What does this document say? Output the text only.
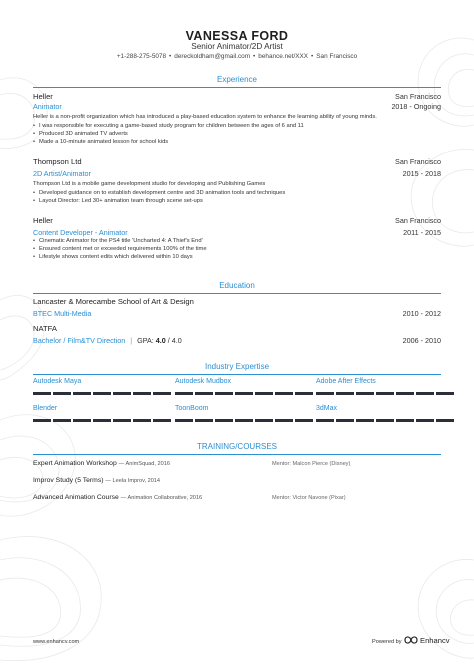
VANESSA FORD
Senior Animator/2D Artist
+1-288-275-5078 • dereckoldham@gmail.com • behance.net/XXX • San Francisco
Experience
Heller	San Francisco
Animator	2018 - Ongoing
Heller is a non-profit organization which has introduced a play-based education system to enhance the learning ability of young minds.
• I was responsible for executing a game-based study program for children between the ages of 6 and 11
• Produced 3D animated TV adverts
• Made a 10-minute animated lesson for school kids
Thompson Ltd	San Francisco
2D Artist/Animator	2015 - 2018
Thompson Ltd is a mobile game development studio for developing and Publishing Games
• Developed guidance on to establish development centre and 3D animation tools and techniques
• Layout Director: Led 30+ animation team through scene set-ups
Heller	San Francisco
Content Developer - Animator	2011 - 2015
• Cinematic Animator for the PS4 title 'Uncharted 4: A Thief's End'
• Ensured content met or exceeded requirements 100% of the time
• Lifestyle shows content edits which delivered within 10 days
Education
Lancaster & Morecambe School of Art & Design
BTEC Multi-Media	2010 - 2012
NATFA
Bachelor / Film&TV Direction | GPA: 4.0 / 4.0	2006 - 2010
Industry Expertise
Autodesk Maya	Autodesk Mudbox	Adobe After Effects
Blender	ToonBoom	3dMax
TRAINING/COURSES
Expert Animation Workshop — AnimSquad, 2016	Mentor: Malcon Pierce (Disney)
Improv Study (5 Terms) — Leela Improv, 2014
Advanced Animation Course — Animation Collaborative, 2016	Mentor: Victor Navone (Pixar)
www.enhancv.com	Powered by Enhancv
